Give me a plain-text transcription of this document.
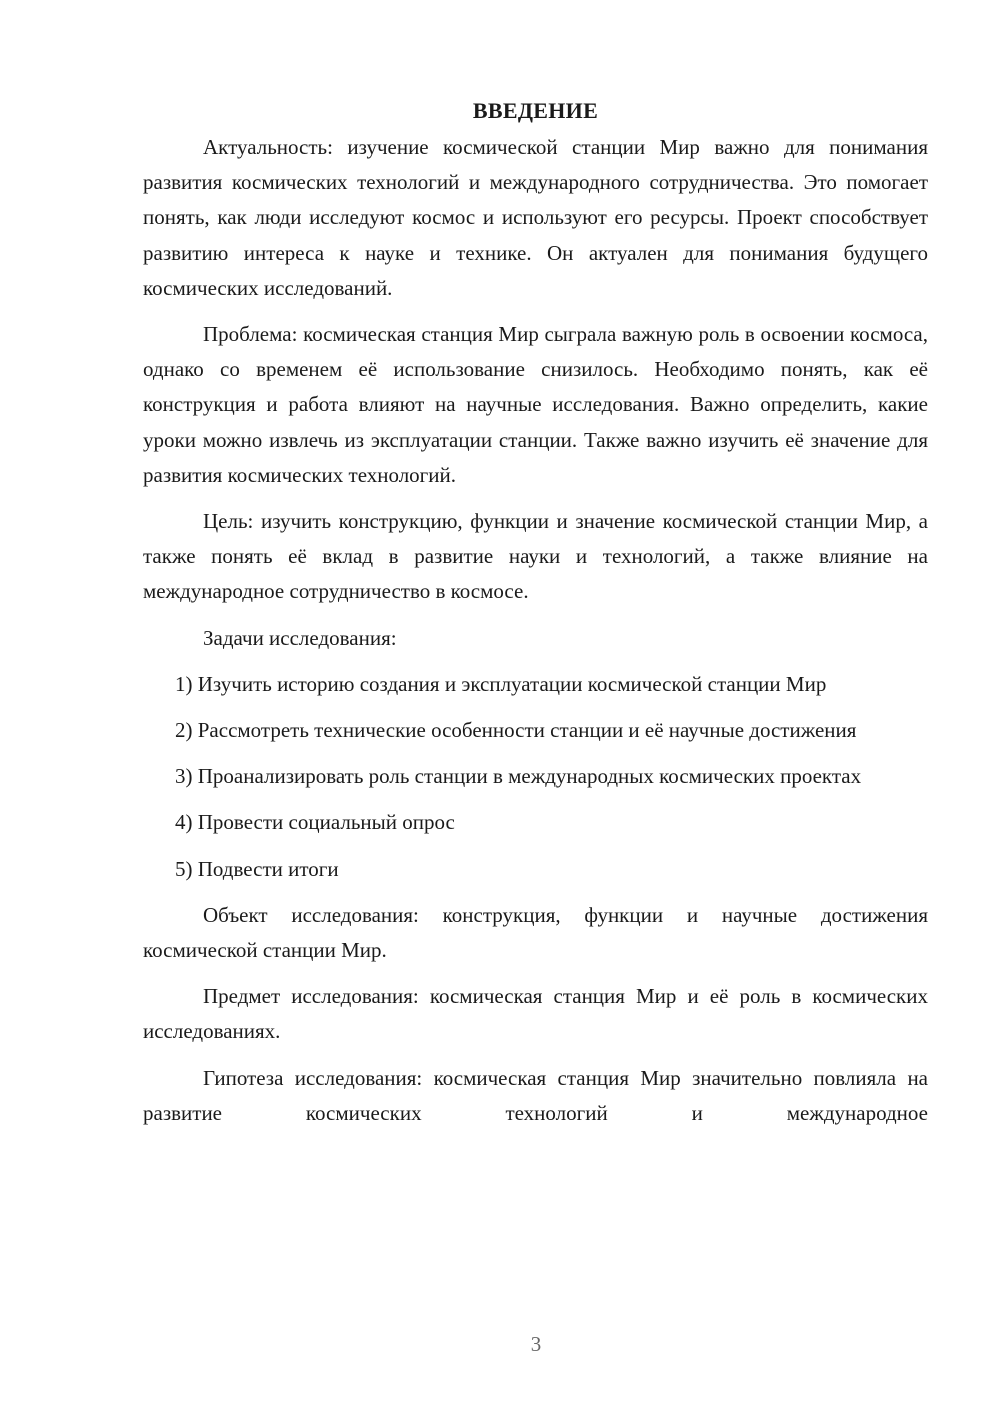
ВВЕДЕНИЕ

Актуальность: изучение космической станции Мир важно для понимания развития космических технологий и международного сотрудничества. Это помогает понять, как люди исследуют космос и используют его ресурсы. Проект способствует развитию интереса к науке и технике. Он актуален для понимания будущего космических исследований.

Проблема: космическая станция Мир сыграла важную роль в освоении космоса, однако со временем её использование снизилось. Необходимо понять, как её конструкция и работа влияют на научные исследования. Важно определить, какие уроки можно извлечь из эксплуатации станции. Также важно изучить её значение для развития космических технологий.

Цель: изучить конструкцию, функции и значение космической станции Мир, а также понять её вклад в развитие науки и технологий, а также влияние на международное сотрудничество в космосе.

Задачи исследования:

1) Изучить историю создания и эксплуатации космической станции Мир

2) Рассмотреть технические особенности станции и её научные достижения

3) Проанализировать роль станции в международных космических проектах

4) Провести социальный опрос

5) Подвести итоги

Объект исследования: конструкция, функции и научные достижения космической станции Мир.

Предмет исследования: космическая станция Мир и её роль в космических исследованиях.

Гипотеза исследования: космическая станция Мир значительно повлияла на развитие космических технологий и международное

3
